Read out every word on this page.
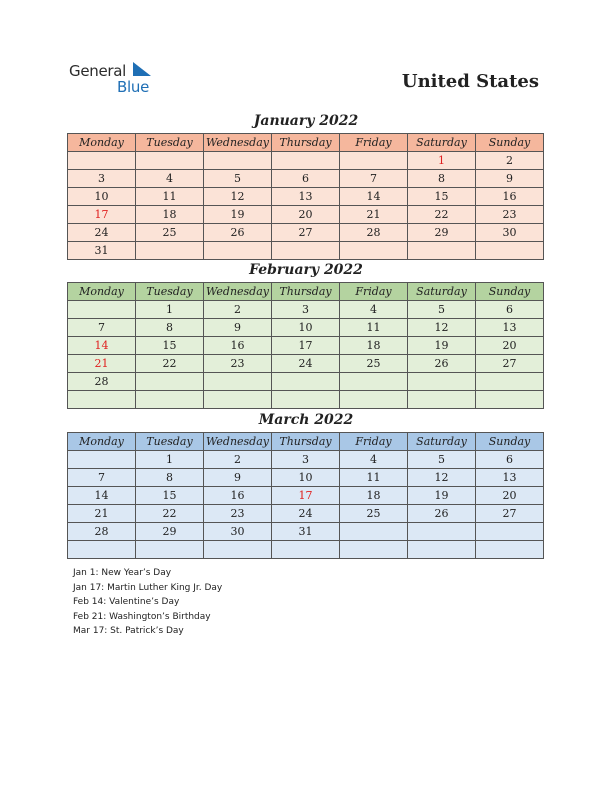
General
Blue	United States
January 2022
Monday	Tuesday	Wednesday	Thursday	Friday	Saturday	Sunday
					1	2
3	4	5	6	7	8	9
10	11	12	13	14	15	16
17	18	19	20	21	22	23
24	25	26	27	28	29	30
31						
February 2022
Monday	Tuesday	Wednesday	Thursday	Friday	Saturday	Sunday
	1	2	3	4	5	6
7	8	9	10	11	12	13
14	15	16	17	18	19	20
21	22	23	24	25	26	27
28						

March 2022
Monday	Tuesday	Wednesday	Thursday	Friday	Saturday	Sunday
	1	2	3	4	5	6
7	8	9	10	11	12	13
14	15	16	17	18	19	20
21	22	23	24	25	26	27
28	29	30	31			

Jan 1: New Year’s Day
Jan 17: Martin Luther King Jr. Day
Feb 14: Valentine’s Day
Feb 21: Washington’s Birthday
Mar 17: St. Patrick’s Day
